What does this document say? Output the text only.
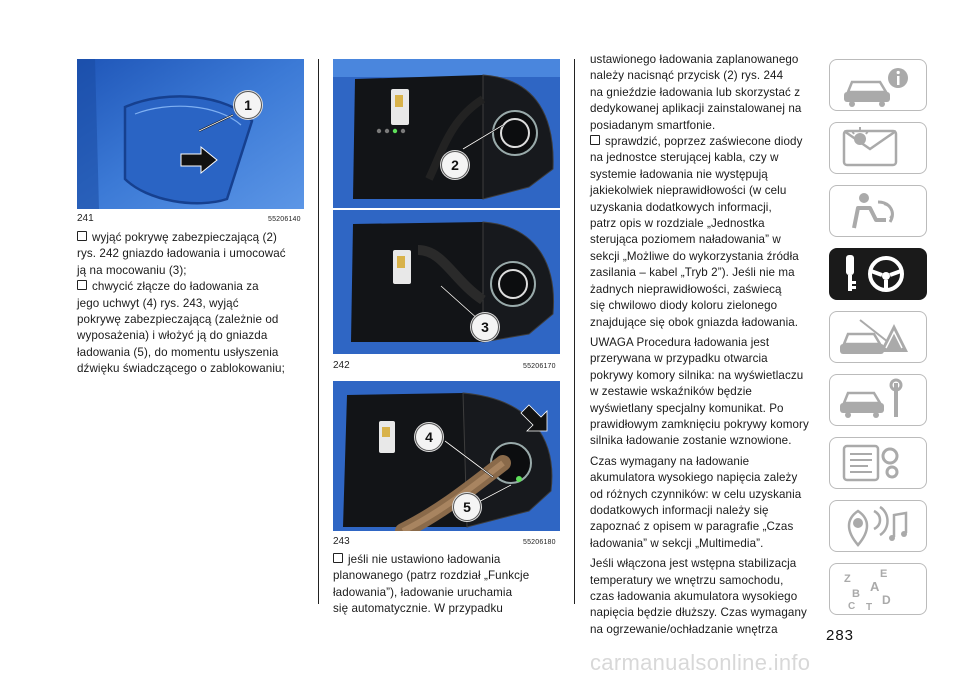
1
241	55206140
wyjąć pokrywę zabezpieczającą (2)
rys. 242 gniazdo ładowania i umocować
ją na mocowaniu (3);
chwycić złącze do ładowania za
jego uchwyt (4) rys. 243, wyjąć
pokrywę zabezpieczającą (zależnie od
wyposażenia) i włożyć ją do gniazda
ładowania (5), do momentu usłyszenia
dźwięku świadczącego o zablokowaniu;
2
3
242	55206170
4
5
243	55206180
jeśli nie ustawiono ładowania
planowanego (patrz rozdział „Funkcje
ładowania”), ładowanie uruchamia
się automatycznie. W przypadku

ustawionego ładowania zaplanowanego
należy nacisnąć przycisk (2) rys. 244
na gnieździe ładowania lub skorzystać z
dedykowanej aplikacji zainstalowanej na
posiadanym smartfonie.

sprawdzić, poprzez zaświecone diody
na jednostce sterującej kabla, czy w
systemie ładowania nie występują
jakiekolwiek nieprawidłowości (w celu
uzyskania dodatkowych informacji,
patrz opis w rozdziale „Jednostka
sterująca poziomem naładowania” w
sekcji „Możliwe do wykorzystania źródła
zasilania – kabel „Tryb 2”). Jeśli nie ma
żadnych nieprawidłowości, zaświecą
się chwilowo diody koloru zielonego
znajdujące się obok gniazda ładowania.

UWAGA Procedura ładowania jest
przerywana w przypadku otwarcia
pokrywy komory silnika: na wyświetlaczu
w zestawie wskaźników będzie
wyświetlany specjalny komunikat. Po
prawidłowym zamknięciu pokrywy komory
silnika ładowanie zostanie wznowione.

Czas wymagany na ładowanie
akumulatora wysokiego napięcia zależy
od różnych czynników: w celu uzyskania
dodatkowych informacji należy się
zapoznać z opisem w paragrafie „Czas
ładowania” w sekcji „Multimedia”.

Jeśli włączona jest wstępna stabilizacja
temperatury we wnętrzu samochodu,
czas ładowania akumulatora wysokiego
napięcia będzie dłuższy. Czas wymagany
na ogrzewanie/ochładzanie wnętrza

Z	E
A
B D
C T
283
carmanualsonline.info
